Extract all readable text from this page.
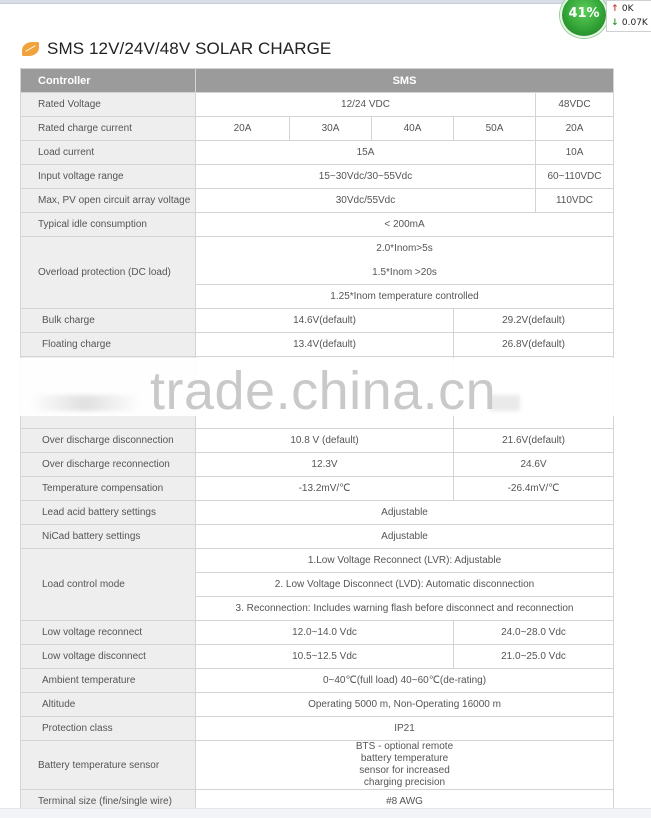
41%	↑ 0K
↓ 0.07K
SMS 12V/24V/48V SOLAR CHARGE
Controller	SMS				
Rated Voltage	12/24 VDC				48VDC
Rated charge current	20A	30A	40A	50A	20A
Load current	15A				10A
Input voltage range	15~30Vdc/30~55Vdc				60~110VDC
Max, PV open circuit array voltage	30Vdc/55Vdc				110VDC
Typical idle consumption	< 200mA				
Overload protection (DC load)	2.0*Inom>5s				
	1.5*Inom >20s				
	1.25*Inom temperature controlled				
Bulk charge	14.6V(default)			29.2V(default)	
Floating charge	13.4V(default)			26.8V(default)	

Over discharge disconnection	10.8 V (default)			21.6V(default)	
Over discharge reconnection	12.3V			24.6V	
Temperature compensation	-13.2mV/℃			-26.4mV/℃	
Lead acid battery settings	Adjustable				
NiCad battery settings	Adjustable				
Load control mode	1.Low Voltage Reconnect (LVR): Adjustable				
	2. Low Voltage Disconnect (LVD): Automatic disconnection				
	3. Reconnection: Includes warning flash before disconnect and reconnection				
Low voltage reconnect	12.0~14.0 Vdc			24.0~28.0 Vdc	
Low voltage disconnect	10.5~12.5 Vdc			21.0~25.0 Vdc	
Ambient temperature	0~40℃(full load) 40~60℃(de-rating)				
Altitude	Operating 5000 m, Non-Operating 16000 m				
Protection class	IP21				
Battery temperature sensor	BTS - optional remote battery temperature sensor for increased charging precision				
Terminal size (fine/single wire)	#8 AWG				
trade.china.cn
